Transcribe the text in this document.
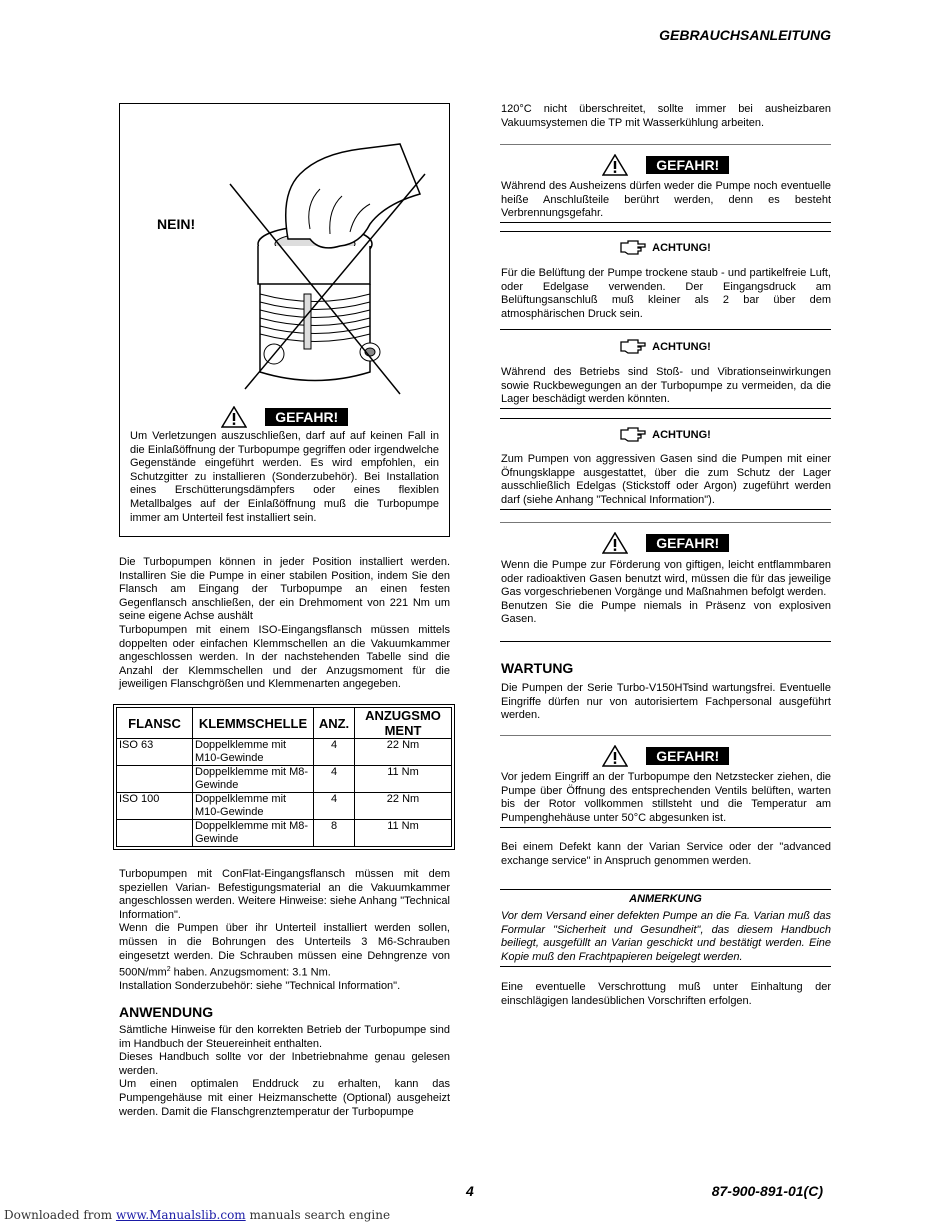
GEBRAUCHSANLEITUNG
NEIN!
GEFAHR!
Um Verletzungen auszuschließen, darf auf auf keinen Fall in die Einlaßöffnung der Turbopumpe gegriffen oder irgendwelche Gegenstände eingeführt werden. Es wird empfohlen, ein Schutzgitter zu installieren (Sonderzubehör). Bei Installation eines Erschütterungsdämpfers oder eines flexiblen Metallbalges auf der Einlaßöffnung muß die Turbopumpe immer am Unterteil fest installiert sein.
Die Turbopumpen können in jeder Position installiert werden. Installiren Sie die Pumpe in einer stabilen Position, indem Sie den Flansch am Eingang der Turbopumpe an einen festen Gegenflansch anschließen, der ein Drehmoment von 221 Nm um seine eigene Achse aushält
Turbopumpen mit einem ISO-Eingangsflansch müssen mittels doppelten oder einfachen Klemmschellen an die Vakuumkammer angeschlossen werden. In der nachstehenden Tabelle sind die Anzahl der Klemmschellen und der Anzugsmoment für die jeweiligen Flanschgrößen und Klemmenarten angegeben.
FLANSC	KLEMMSCHELLE	ANZ.	ANZUGSMO MENT
ISO 63	Doppelklemme mit M10-Gewinde	4	22 Nm
	Doppelklemme mit M8-Gewinde	4	11 Nm
ISO 100	Doppelklemme mit M10-Gewinde	4	22 Nm
	Doppelklemme mit M8-Gewinde	8	11 Nm
Turbopumpen mit ConFlat-Eingangsflansch müssen mit dem speziellen Varian- Befestigungsmaterial an die Vakuumkammer angeschlossen werden. Weitere Hinweise: siehe Anhang "Technical Information".
Wenn die Pumpen über ihr Unterteil installiert werden sollen, müssen in die Bohrungen des Unterteils 3 M6-Schrauben eingesetzt werden. Die Schrauben müssen eine Dehngrenze von $500N/mm^2$ haben. Anzugsmoment: 3.1 Nm.
Installation Sonderzubehör: siehe "Technical Information".
ANWENDUNG
Sämtliche Hinweise für den korrekten Betrieb der Turbopumpe sind im Handbuch der Steuereinheit enthalten.
Dieses Handbuch sollte vor der Inbetriebnahme genau gelesen werden.
Um einen optimalen Enddruck zu erhalten, kann das Pumpengehäuse mit einer Heizmanschette (Optional) ausgeheizt werden. Damit die Flanschgrenztemperatur der Turbopumpe
120°C nicht überschreitet, sollte immer bei ausheizbaren Vakuumsystemen die TP mit Wasserkühlung arbeiten.
GEFAHR!
Während des Ausheizens dürfen weder die Pumpe noch eventuelle heiße Anschlußteile berührt werden, denn es besteht Verbrennungsgefahr.
ACHTUNG!
Für die Belüftung der Pumpe trockene staub - und partikelfreie Luft, oder Edelgase verwenden. Der Eingangsdruck am Belüftungsanschluß muß kleiner als 2 bar über dem atmosphärischen Druck sein.
ACHTUNG!
Während des Betriebs sind Stoß- und Vibrationseinwirkungen sowie Ruckbewegungen an der Turbopumpe zu vermeiden, da die Lager beschädigt werden könnten.
ACHTUNG!
Zum Pumpen von aggressiven Gasen sind die Pumpen mit einer Öfnungsklappe ausgestattet, über die zum Schutz der Lager ausschließlich Edelgas (Stickstoff oder Argon) zugeführt werden darf (siehe Anhang "Technical Information").
GEFAHR!
Wenn die Pumpe zur Förderung von giftigen, leicht entflammbaren oder radioaktiven Gasen benutzt wird, müssen die für das jeweilige Gas vorgeschriebenen Vorgänge und Maßnahmen befolgt werden.
Benutzen Sie die Pumpe niemals in Präsenz von explosiven Gasen.
WARTUNG
Die Pumpen der Serie Turbo-V150HTsind wartungsfrei. Eventuelle Eingriffe dürfen nur von autorisiertem Fachpersonal ausgeführt werden.
GEFAHR!
Vor jedem Eingriff an der Turbopumpe den Netzstecker ziehen, die Pumpe über Öffnung des entsprechenden Ventils belüften, warten bis der Rotor vollkommen stillsteht und die Temperatur am Pumpenghehäuse unter 50°C abgesunken ist.
Bei einem Defekt kann der Varian Service oder der "advanced exchange service" in Anspruch genommen werden.
ANMERKUNG
Vor dem Versand einer defekten Pumpe an die Fa. Varian muß das Formular "Sicherheit und Gesundheit", das diesem Handbuch beiliegt, ausgefüllt an Varian geschickt und bestätigt werden. Eine Kopie muß den Frachtpapieren beigelegt werden.
Eine eventuelle Verschrottung muß unter Einhaltung der einschlägigen landesüblichen Vorschriften erfolgen.
4	87-900-891-01(C)
Downloaded from www.Manualslib.com manuals search engine
